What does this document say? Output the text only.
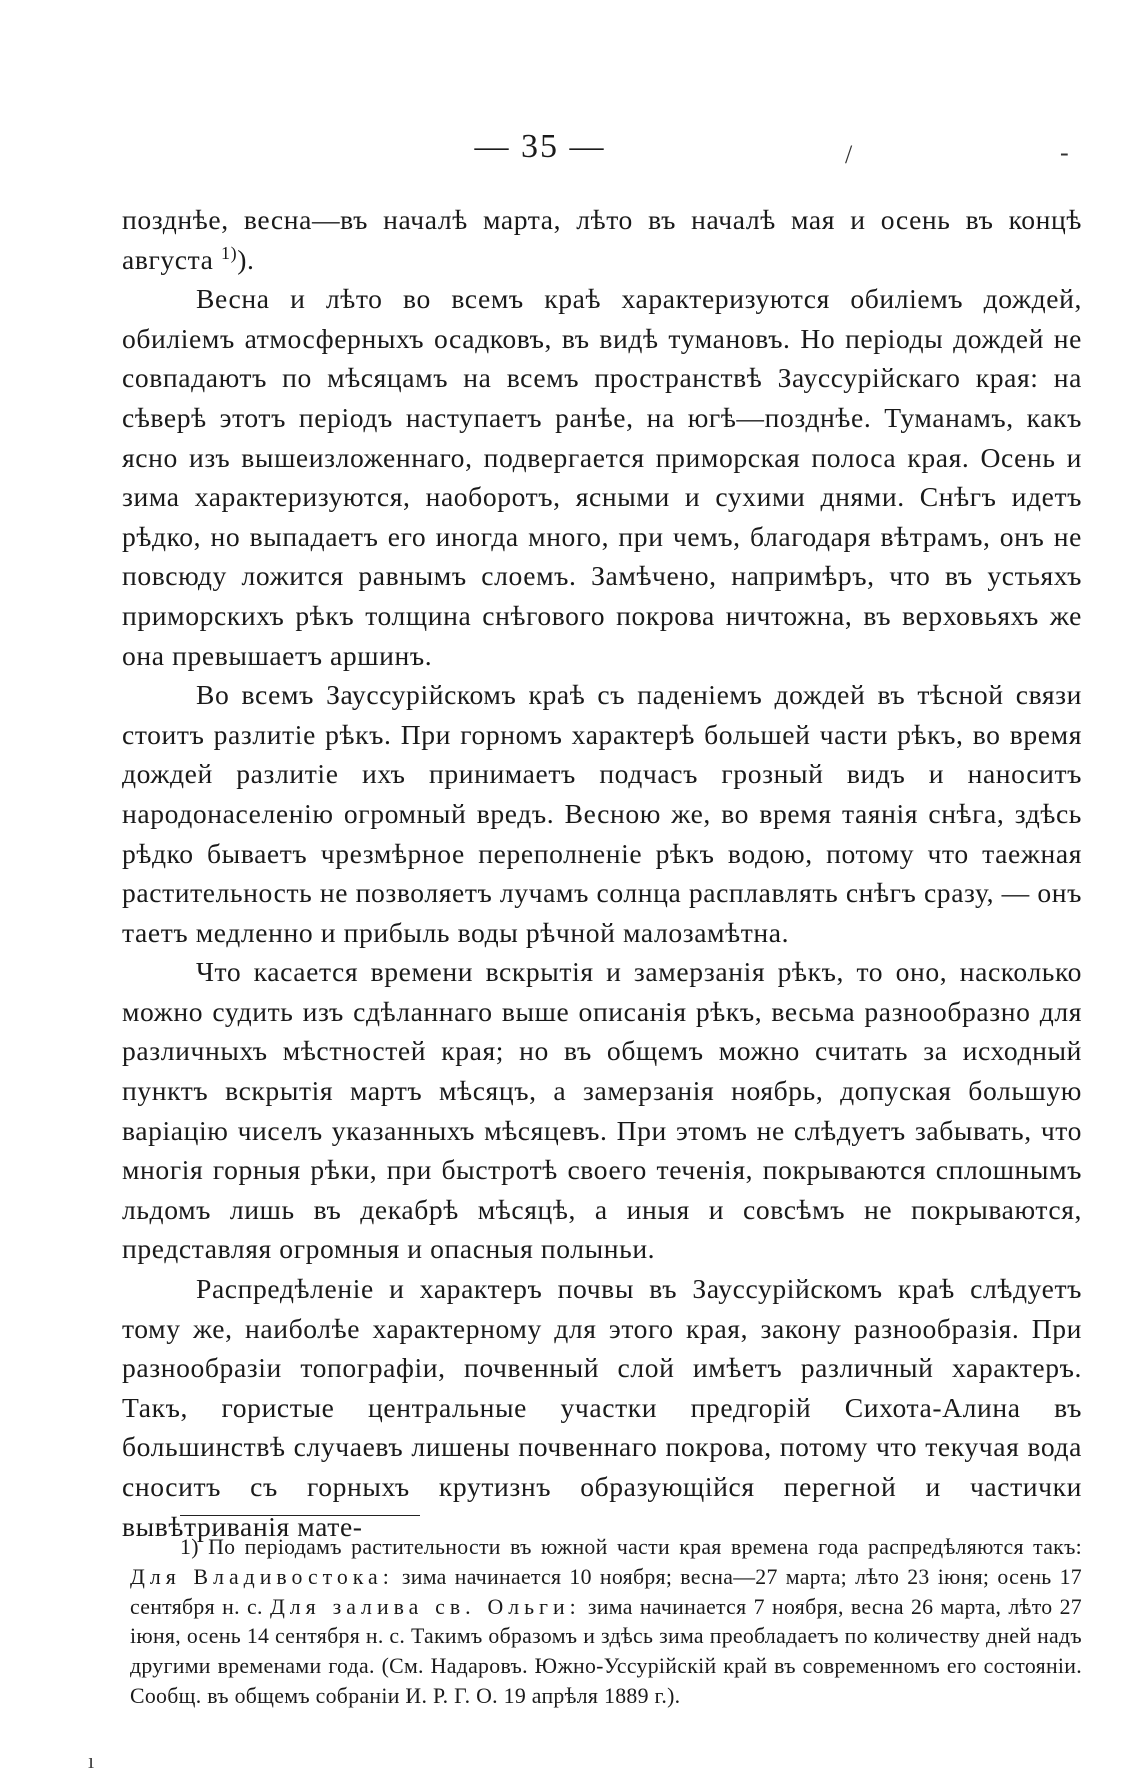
— 35 —	/	-

позднѣе, весна—въ началѣ марта, лѣто въ началѣ мая и осень въ концѣ августа $^{1)}$).

Весна и лѣто во всемъ краѣ характеризуются обиліемъ дождей, обиліемъ атмосферныхъ осадковъ, въ видѣ тумановъ. Но періоды дождей не совпадаютъ по мѣсяцамъ на всемъ пространствѣ Зауссурійскаго края: на сѣверѣ этотъ періодъ наступаетъ ранѣе, на югѣ—позднѣе. Туманамъ, какъ ясно изъ вышеизложеннаго, подвергается приморская полоса края. Осень и зима характеризуются, наоборотъ, ясными и сухими днями. Снѣгъ идетъ рѣдко, но выпадаетъ его иногда много, при чемъ, благодаря вѣтрамъ, онъ не повсюду ложится равнымъ слоемъ. Замѣчено, напримѣръ, что въ устьяхъ приморскихъ рѣкъ толщина снѣгового покрова ничтожна, въ верховьяхъ же она превышаетъ аршинъ.

Во всемъ Зауссурійскомъ краѣ съ паденіемъ дождей въ тѣсной связи стоитъ разлитіе рѣкъ. При горномъ характерѣ большей части рѣкъ, во время дождей разлитіе ихъ принимаетъ подчасъ грозный видъ и наноситъ народонаселенію огромный вредъ. Весною же, во время таянія снѣга, здѣсь рѣдко бываетъ чрезмѣрное переполненіе рѣкъ водою, потому что таежная растительность не позволяетъ лучамъ солнца расплавлять снѣгъ сразу, — онъ таетъ медленно и прибыль воды рѣчной малозамѣтна.

Что касается времени вскрытія и замерзанія рѣкъ, то оно, насколько можно судить изъ сдѣланнаго выше описанія рѣкъ, весьма разнообразно для различныхъ мѣстностей края; но въ общемъ можно считать за исходный пунктъ вскрытія мартъ мѣсяцъ, а замерзанія ноябрь, допуская большую варіацію чиселъ указанныхъ мѣсяцевъ. При этомъ не слѣдуетъ забывать, что многія горныя рѣки, при быстротѣ своего теченія, покрываются сплошнымъ льдомъ лишь въ декабрѣ мѣсяцѣ, а иныя и совсѣмъ не покрываются, представляя огромныя и опасныя полыньи.

Распредѣленіе и характеръ почвы въ Зауссурійскомъ краѣ слѣдуетъ тому же, наиболѣе характерному для этого края, закону разнообразія. При разнообразіи топографіи, почвенный слой имѣетъ различный характеръ. Такъ, гористые центральные участки предгорій Сихота-Алина въ большинствѣ случаевъ лишены почвеннаго покрова, потому что текучая вода сноситъ съ горныхъ крутизнъ образующійся перегной и частички вывѣтриванія мате-

1) По періодамъ растительности въ южной части края времена года распредѣляются такъ: Для Владивостока: зима начинается 10 ноября; весна—27 марта; лѣто 23 іюня; осень 17 сентября н. с. Для залива св. Ольги: зима начинается 7 ноября, весна 26 марта, лѣто 27 іюня, осень 14 сентября н. с. Такимъ образомъ и здѣсь зима преобладаетъ по количеству дней надъ другими временами года. (См. Надаровъ. Южно-Уссурійскій край въ современномъ его состояніи. Сообщ. въ общемъ собраніи И. Р. Г. О. 19 апрѣля 1889 г.).

ı
